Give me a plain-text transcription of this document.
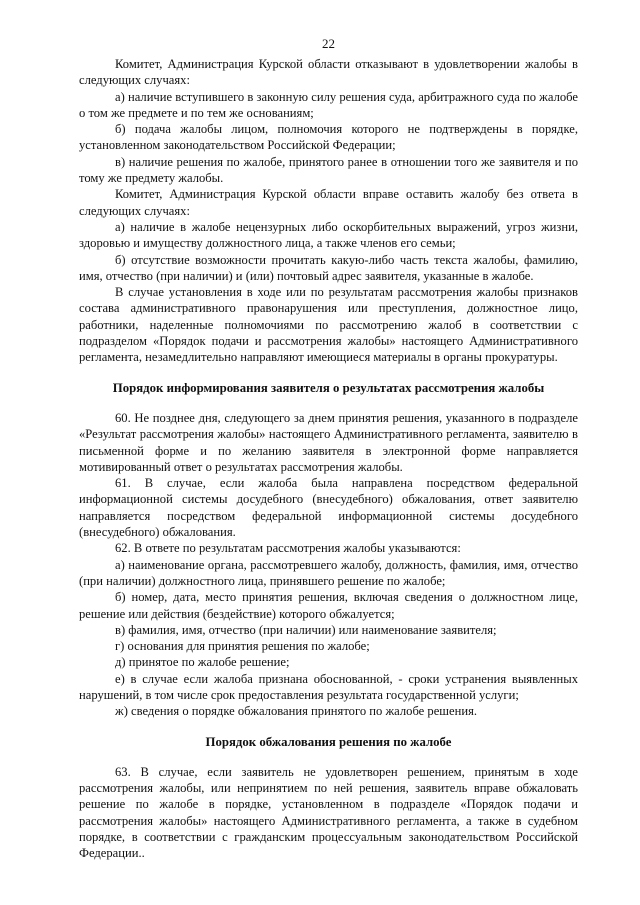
22

Комитет, Администрация Курской области отказывают в удовлетворении жалобы в следующих случаях:

а) наличие вступившего в законную силу решения суда, арбитражного суда по жалобе о том же предмете и по тем же основаниям;

б) подача жалобы лицом, полномочия которого не подтверждены в порядке, установленном законодательством Российской Федерации;

в) наличие решения по жалобе, принятого ранее в отношении того же заявителя и по тому же предмету жалобы.

Комитет, Администрация Курской области вправе оставить жалобу без ответа в следующих случаях:

а) наличие в жалобе нецензурных либо оскорбительных выражений, угроз жизни, здоровью и имуществу должностного лица, а также членов его семьи;

б) отсутствие возможности прочитать какую-либо часть текста жалобы, фамилию, имя, отчество (при наличии) и (или) почтовый адрес заявителя, указанные в жалобе.

В случае установления в ходе или по результатам рассмотрения жалобы признаков состава административного правонарушения или преступления, должностное лицо, работники, наделенные полномочиями по рассмотрению жалоб в соответствии с подразделом «Порядок подачи и рассмотрения жалобы» настоящего Административного регламента, незамедлительно направляют имеющиеся материалы в органы прокуратуры.

Порядок информирования заявителя о результатах рассмотрения жалобы

60. Не позднее дня, следующего за днем принятия решения, указанного в подразделе «Результат рассмотрения жалобы» настоящего Административного регламента, заявителю в письменной форме и по желанию заявителя в электронной форме направляется мотивированный ответ о результатах рассмотрения жалобы.

61. В случае, если жалоба была направлена посредством федеральной информационной системы досудебного (внесудебного) обжалования, ответ заявителю направляется посредством федеральной информационной системы досудебного (внесудебного) обжалования.

62. В ответе по результатам рассмотрения жалобы указываются:

а) наименование органа, рассмотревшего жалобу, должность, фамилия, имя, отчество (при наличии) должностного лица, принявшего решение по жалобе;

б) номер, дата, место принятия решения, включая сведения о должностном лице, решение или действия (бездействие) которого обжалуется;

в) фамилия, имя, отчество (при наличии) или наименование заявителя;

г) основания для принятия решения по жалобе;

д) принятое по жалобе решение;

е) в случае если жалоба признана обоснованной, - сроки устранения выявленных нарушений, в том числе срок предоставления результата государственной услуги;

ж) сведения о порядке обжалования принятого по жалобе решения.

Порядок обжалования решения по жалобе

63. В случае, если заявитель не удовлетворен решением, принятым в ходе рассмотрения жалобы, или непринятием по ней решения, заявитель вправе обжаловать решение по жалобе в порядке, установленном в подразделе «Порядок подачи и рассмотрения жалобы» настоящего Административного регламента, а также в судебном порядке, в соответствии с гражданским процессуальным законодательством Российской Федерации..
